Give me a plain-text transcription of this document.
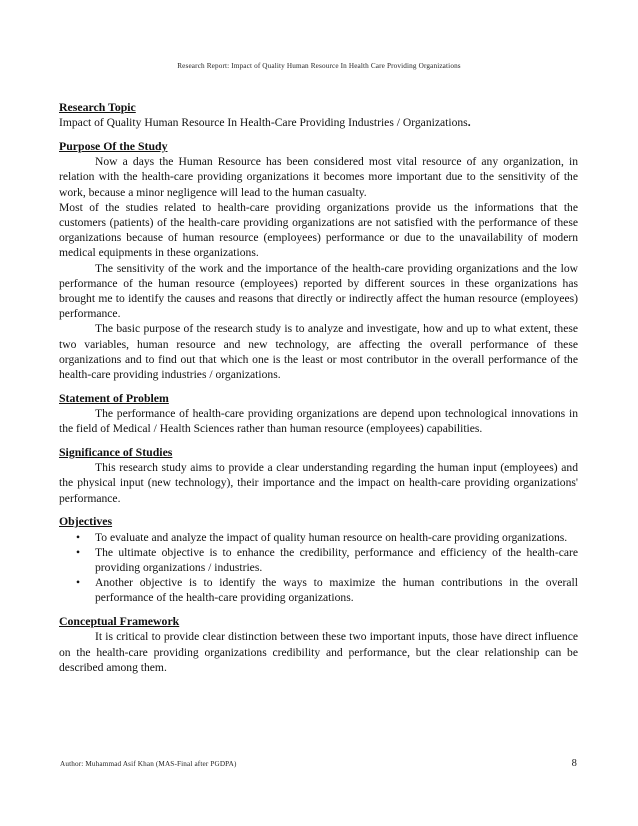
Research Report: Impact of Quality Human Resource In Health Care Providing Organizations
Research Topic

Impact of Quality Human Resource In Health-Care Providing Industries / Organizations.

Purpose Of the Study

Now a days the Human Resource has been considered most vital resource of any organization, in relation with the health-care providing organizations it becomes more important due to the sensitivity of the work, because a minor negligence will lead to the human casualty.

Most of the studies related to health-care providing organizations provide us the informations that the customers (patients) of the health-care providing organizations are not satisfied with the performance of these organizations because of human resource (employees) performance or due to the unavailability of modern medical equipments in these organizations.

The sensitivity of the work and the importance of the health-care providing organizations and the low performance of the human resource (employees) reported by different sources in these organizations has brought me to identify the causes and reasons that directly or indirectly affect the human resource (employees) performance.

The basic purpose of the research study is to analyze and investigate, how and up to what extent, these two variables, human resource and new technology, are affecting the overall performance of these organizations and to find out that which one is the least or most contributor in the overall performance of the health-care providing industries / organizations.

Statement of Problem

The performance of health-care providing organizations are depend upon technological innovations in the field of Medical / Health Sciences rather than human resource (employees) capabilities.

Significance of Studies

This research study aims to provide a clear understanding regarding the human input (employees) and the physical input (new technology), their importance and the impact on health-care providing organizations' performance.

Objectives
• To evaluate and analyze the impact of quality human resource on health-care providing organizations.
• The ultimate objective is to enhance the credibility, performance and efficiency of the health-care providing organizations / industries.
• Another objective is to identify the ways to maximize the human contributions in the overall performance of the health-care providing organizations.
Conceptual Framework

It is critical to provide clear distinction between these two important inputs, those have direct influence on the health-care providing organizations credibility and performance, but the clear relationship can be described among them.

Author: Muhammad Asif Khan (MAS-Final after PGDPA)	8
